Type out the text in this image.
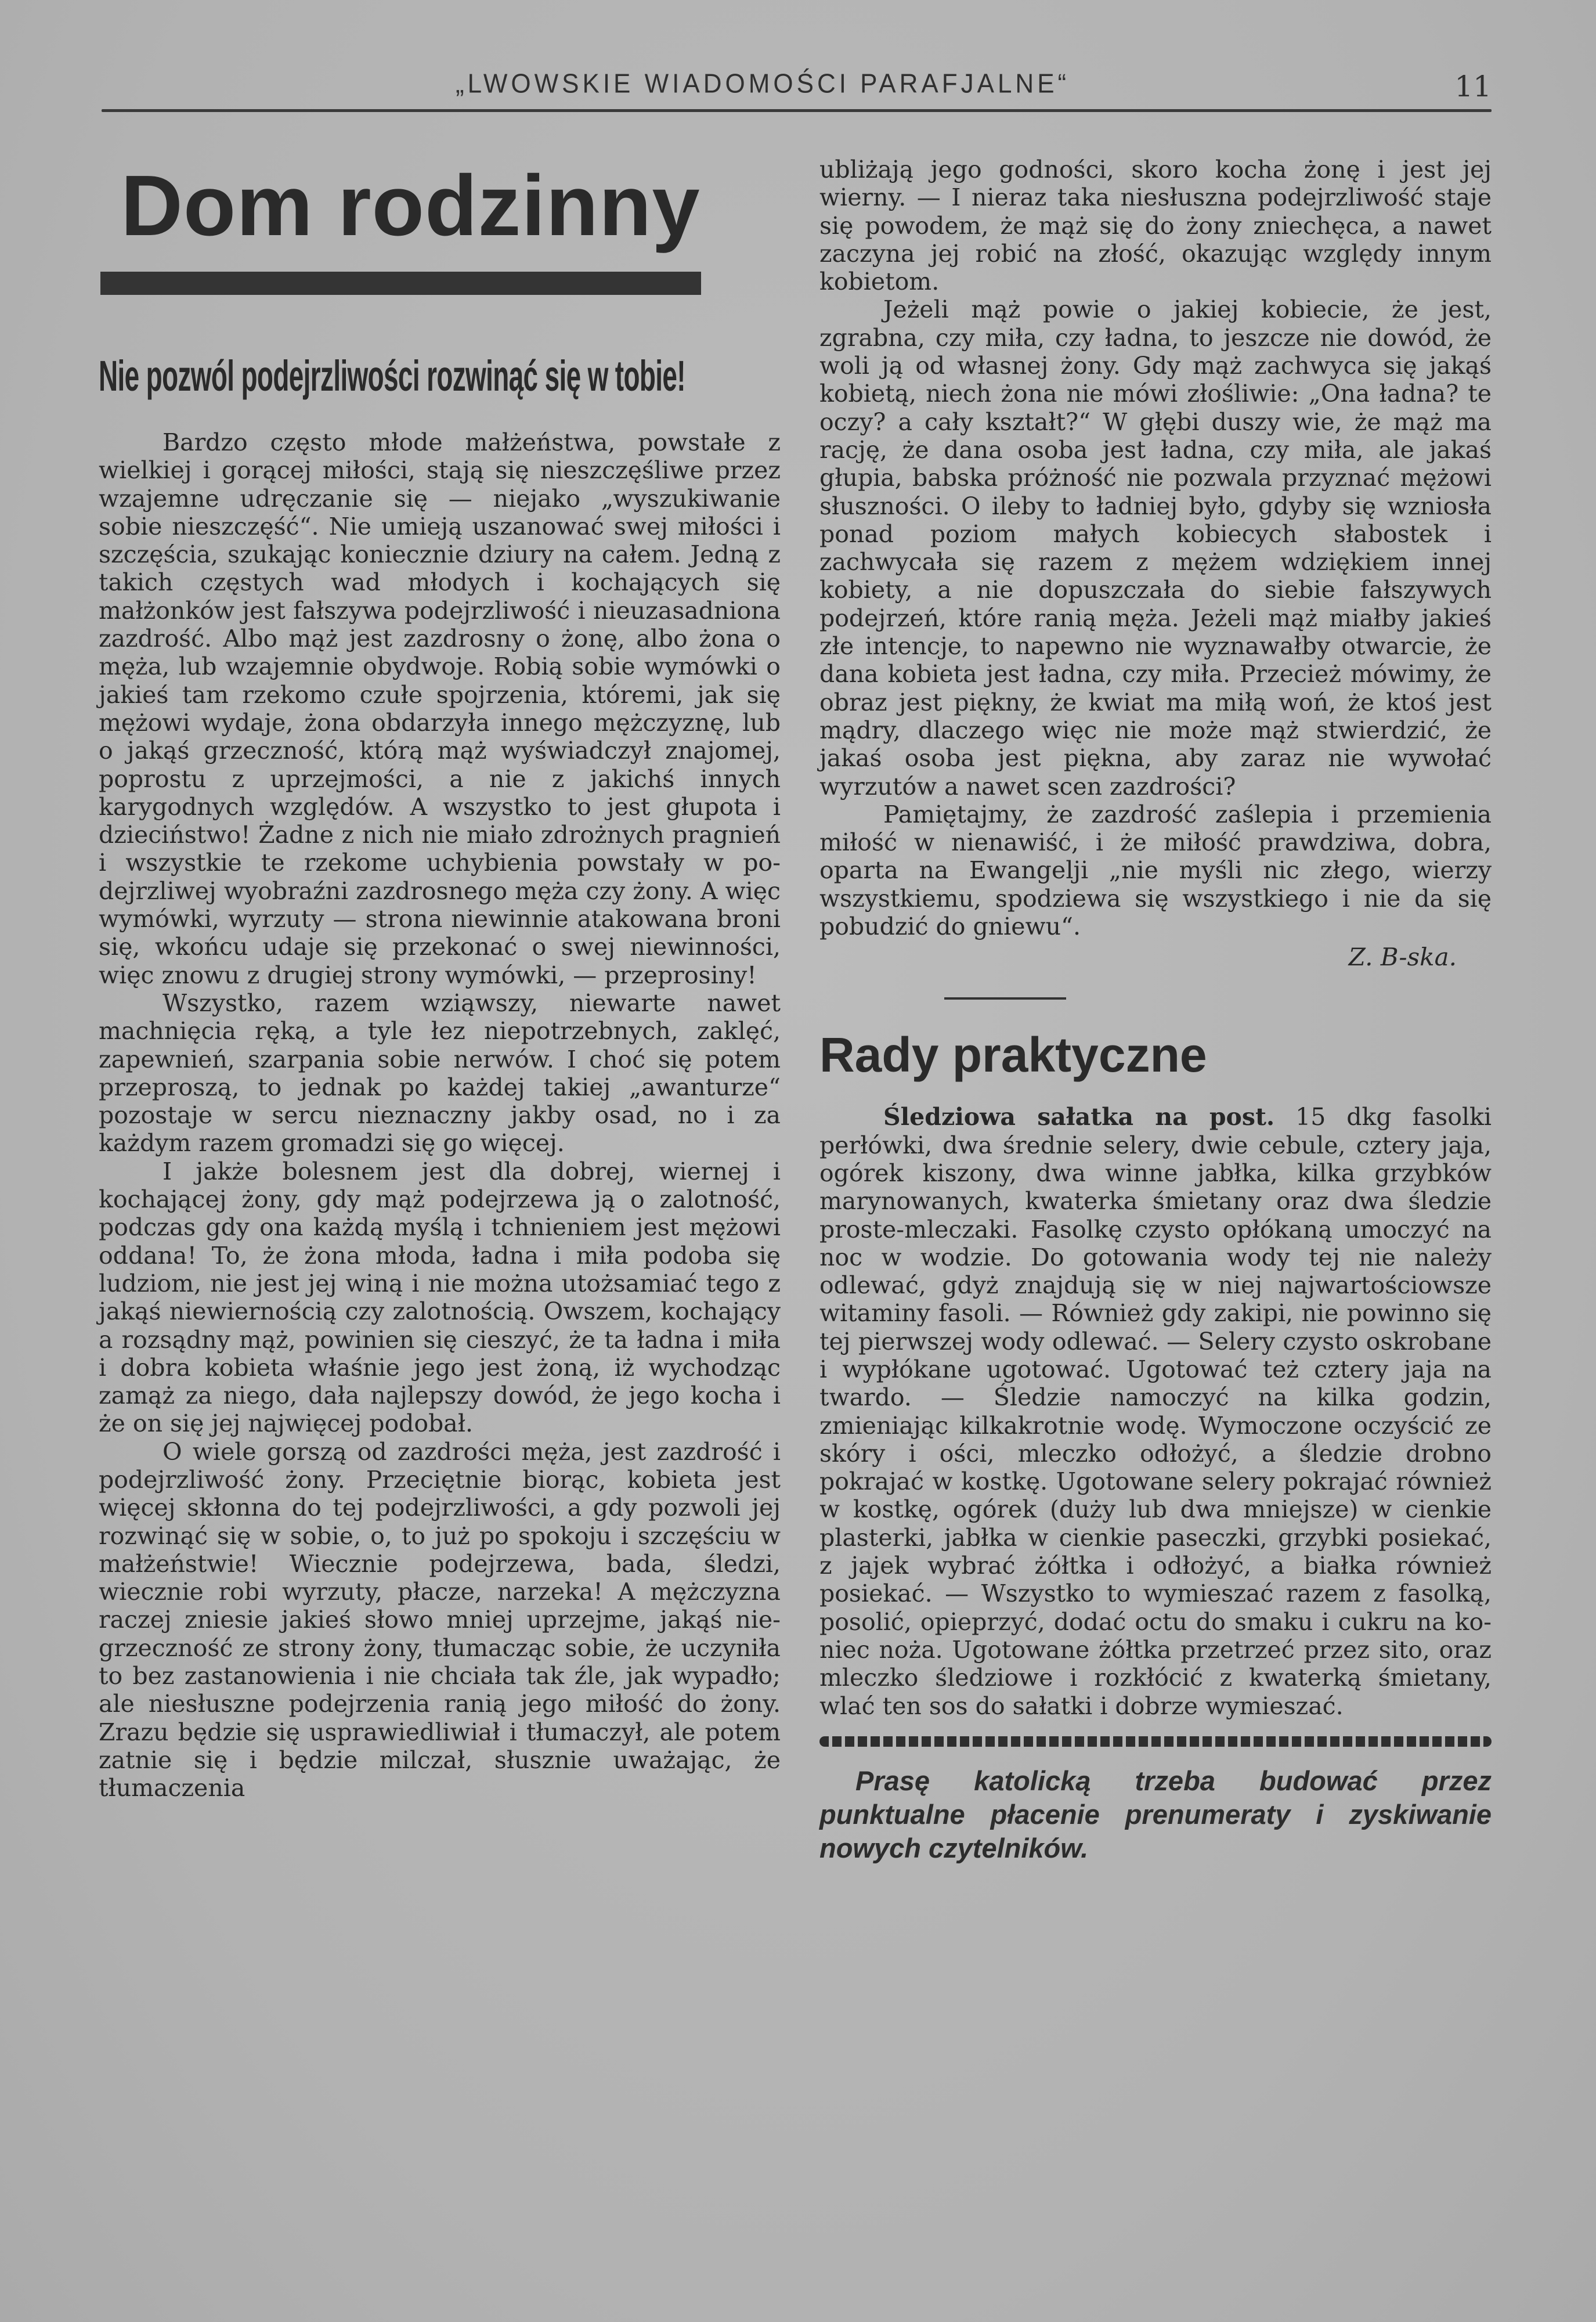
„LWOWSKIE WIADOMOŚCI PARAFJALNE“	11
Dom rodzinny
Nie pozwól podejrzliwości rozwinąć się w tobie!

Bardzo często młode małżeństwa, powstałe z wielkiej i gorącej miłości, stają się nieszczęśliwe przez wzajemne udręczanie się — niejako „wyszukiwanie sobie nieszczęść“. Nie umieją uszanować swej miłości i szczęścia, szukając koniecznie dziury na całem. Jedną z takich częstych wad młodych i kochających się małżonków jest fałszywa podejrzliwość i nieuzasadniona zazdrość. Albo mąż jest zazdrosny o żonę, albo żona o męża, lub wzajemnie obydwoje. Robią sobie wymówki o jakieś tam rzekomo czułe spojrzenia, któremi, jak się mężowi wydaje, żona obdarzyła innego mężczyznę, lub o jakąś grzeczność, którą mąż wyświadczył znajomej, poprostu z uprzejmości, a nie z jakichś innych karygodnych względów. A wszystko to jest głupota i dzieciństwo! Żadne z nich nie miało zdrożnych pragnień i wszystkie te rzekome uchybienia powstały w podejrzliwej wyobraźni zazdrosnego męża czy żony. A więc wymówki, wyrzuty — strona niewinnie atakowana broni się, wkońcu udaje się przekonać o swej niewinności, więc znowu z drugiej strony wymówki, — przeprosiny!

Wszystko, razem wziąwszy, niewarte nawet machnięcia ręką, a tyle łez niepotrzebnych, zaklęć, zapewnień, szarpania sobie nerwów. I choć się potem przeproszą, to jednak po każdej takiej „awanturze“ pozostaje w sercu nieznaczny jakby osad, no i za każdym razem gromadzi się go więcej.

I jakże bolesnem jest dla dobrej, wiernej i kochającej żony, gdy mąż podejrzewa ją o zalotność, podczas gdy ona każdą myślą i tchnieniem jest mężowi oddana! To, że żona młoda, ładna i miła podoba się ludziom, nie jest jej winą i nie można utożsamiać tego z jakąś niewiernością czy zalotnością. Owszem, kochający a rozsądny mąż, powinien się cieszyć, że ta ładna i miła i dobra kobieta właśnie jego jest żoną, iż wychodząc zamąż za niego, dała najlepszy dowód, że jego kocha i że on się jej najwięcej podobał.

O wiele gorszą od zazdrości męża, jest zazdrość i podejrzliwość żony. Przeciętnie biorąc, kobieta jest więcej skłonna do tej podejrzliwości, a gdy pozwoli jej rozwinąć się w sobie, o, to już po spokoju i szczęściu w małżeństwie! Wiecznie podejrzewa, bada, śledzi, wiecznie robi wyrzuty, płacze, narzeka! A mężczyzna raczej zniesie jakieś słowo mniej uprzejme, jakąś niegrzeczność ze strony żony, tłumacząc sobie, że uczyniła to bez zastanowienia i nie chciała tak źle, jak wypadło; ale niesłuszne podejrzenia ranią jego miłość do żony. Zrazu będzie się usprawiedliwiał i tłumaczył, ale potem zatnie się i będzie milczał, słusznie uważając, że tłumaczenia

ubliżają jego godności, skoro kocha żonę i jest jej wierny. — I nieraz taka niesłuszna podejrzliwość staje się powodem, że mąż się do żony zniechęca, a nawet zaczyna jej robić na złość, okazując względy innym kobietom.

Jeżeli mąż powie o jakiej kobiecie, że jest, zgrabna, czy miła, czy ładna, to jeszcze nie dowód, że woli ją od własnej żony. Gdy mąż zachwyca się jakąś kobietą, niech żona nie mówi złośliwie: „Ona ładna? te oczy? a cały kształt?“ W głębi duszy wie, że mąż ma rację, że dana osoba jest ładna, czy miła, ale jakaś głupia, babska próżność nie pozwala przyznać mężowi słuszności. O ileby to ładniej było, gdyby się wzniosła ponad poziom małych kobiecych słabostek i zachwycała się razem z mężem wdziękiem innej kobiety, a nie dopuszczała do siebie fałszywych podejrzeń, które ranią męża. Jeżeli mąż miałby jakieś złe intencje, to napewno nie wyznawałby otwarcie, że dana kobieta jest ładna, czy miła. Przecież mówimy, że obraz jest piękny, że kwiat ma miłą woń, że ktoś jest mądry, dlaczego więc nie może mąż stwierdzić, że jakaś osoba jest piękna, aby zaraz nie wywołać wyrzutów a nawet scen zazdrości?

Pamiętajmy, że zazdrość zaślepia i przemienia miłość w nienawiść, i że miłość prawdziwa, dobra, oparta na Ewangelji „nie myśli nic złego, wierzy wszystkiemu, spodziewa się wszystkiego i nie da się pobudzić do gniewu“.

Z. B-ska.
Rady praktyczne

Śledziowa sałatka na post. 15 dkg fasolki perłówki, dwa średnie selery, dwie cebule, cztery jaja, ogórek kiszony, dwa winne jabłka, kilka grzybków marynowanych, kwaterka śmietany oraz dwa śledzie proste-mleczaki. Fasolkę czysto opłókaną umoczyć na noc w wodzie. Do gotowania wody tej nie należy odlewać, gdyż znajdują się w niej najwartościowsze witaminy fasoli. — Również gdy zakipi, nie powinno się tej pierwszej wody odlewać. — Selery czysto oskrobane i wypłókane ugotować. Ugotować też cztery jaja na twardo. — Śledzie namoczyć na kilka godzin, zmieniając kilkakrotnie wodę. Wymoczone oczyścić ze skóry i ości, mleczko odłożyć, a śledzie drobno pokrajać w kostkę. Ugotowane selery pokrajać również w kostkę, ogórek (duży lub dwa mniejsze) w cienkie plasterki, jabłka w cienkie paseczki, grzybki posiekać, z jajek wybrać żółtka i odłożyć, a białka również posiekać. — Wszystko to wymieszać razem z fasolką, posolić, opieprzyć, dodać octu do smaku i cukru na koniec noża. Ugotowane żółtka przetrzeć przez sito, oraz mleczko śledziowe i rozkłócić z kwaterką śmietany, wlać ten sos do sałatki i dobrze wymieszać.

Prasę katolicką trzeba budować przez punktualne płacenie prenumeraty i zyskiwanie nowych czytelników.
